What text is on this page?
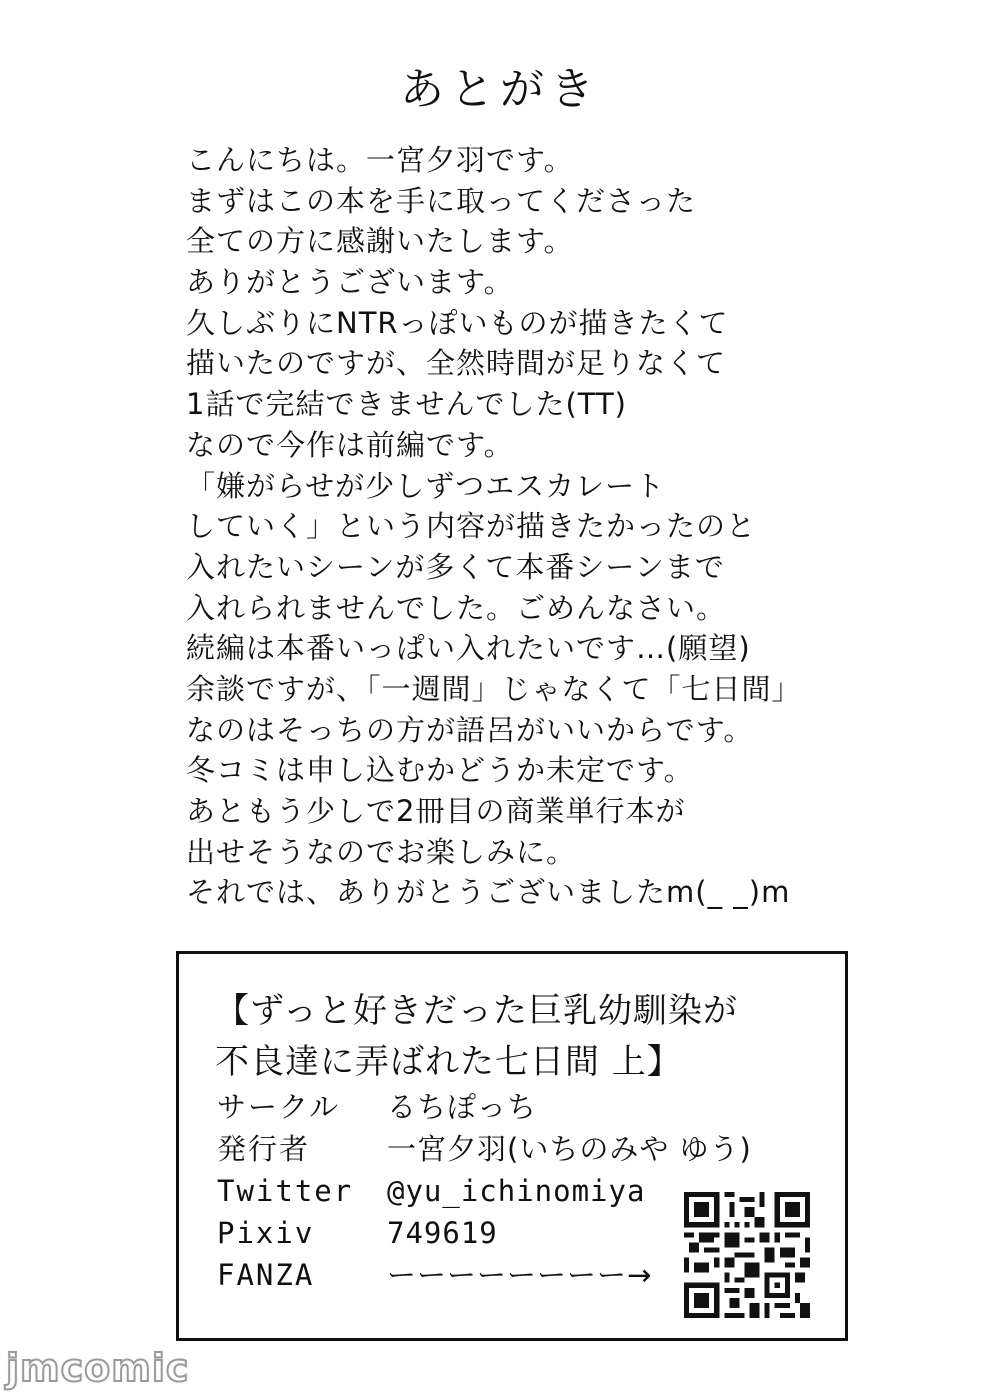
あとがき
こんにちは。一宮夕羽です。
まずはこの本を手に取ってくださった
全ての方に感謝いたします。
ありがとうございます。
久しぶりにNTRっぽいものが描きたくて
描いたのですが、全然時間が足りなくて
1話で完結できませんでした(TT)
なので今作は前編です。
「嫌がらせが少しずつエスカレート
していく」という内容が描きたかったのと
入れたいシーンが多くて本番シーンまで
入れられませんでした。ごめんなさい。
続編は本番いっぱい入れたいです…(願望)
余談ですが、「一週間」じゃなくて「七日間」
なのはそっちの方が語呂がいいからです。
冬コミは申し込むかどうか未定です。
あともう少しで2冊目の商業単行本が
出せそうなのでお楽しみに。
それでは、ありがとうございましたm(_ _)m
【ずっと好きだった巨乳幼馴染が
不良達に弄ばれた七日間 上】
サークル るちぽっち
発行者	一宮夕羽(いちのみや ゆう)
Twitter @yu_ichinomiya
Pixiv	749619
FANZA	ーーーーーーーー→
jmcomic
